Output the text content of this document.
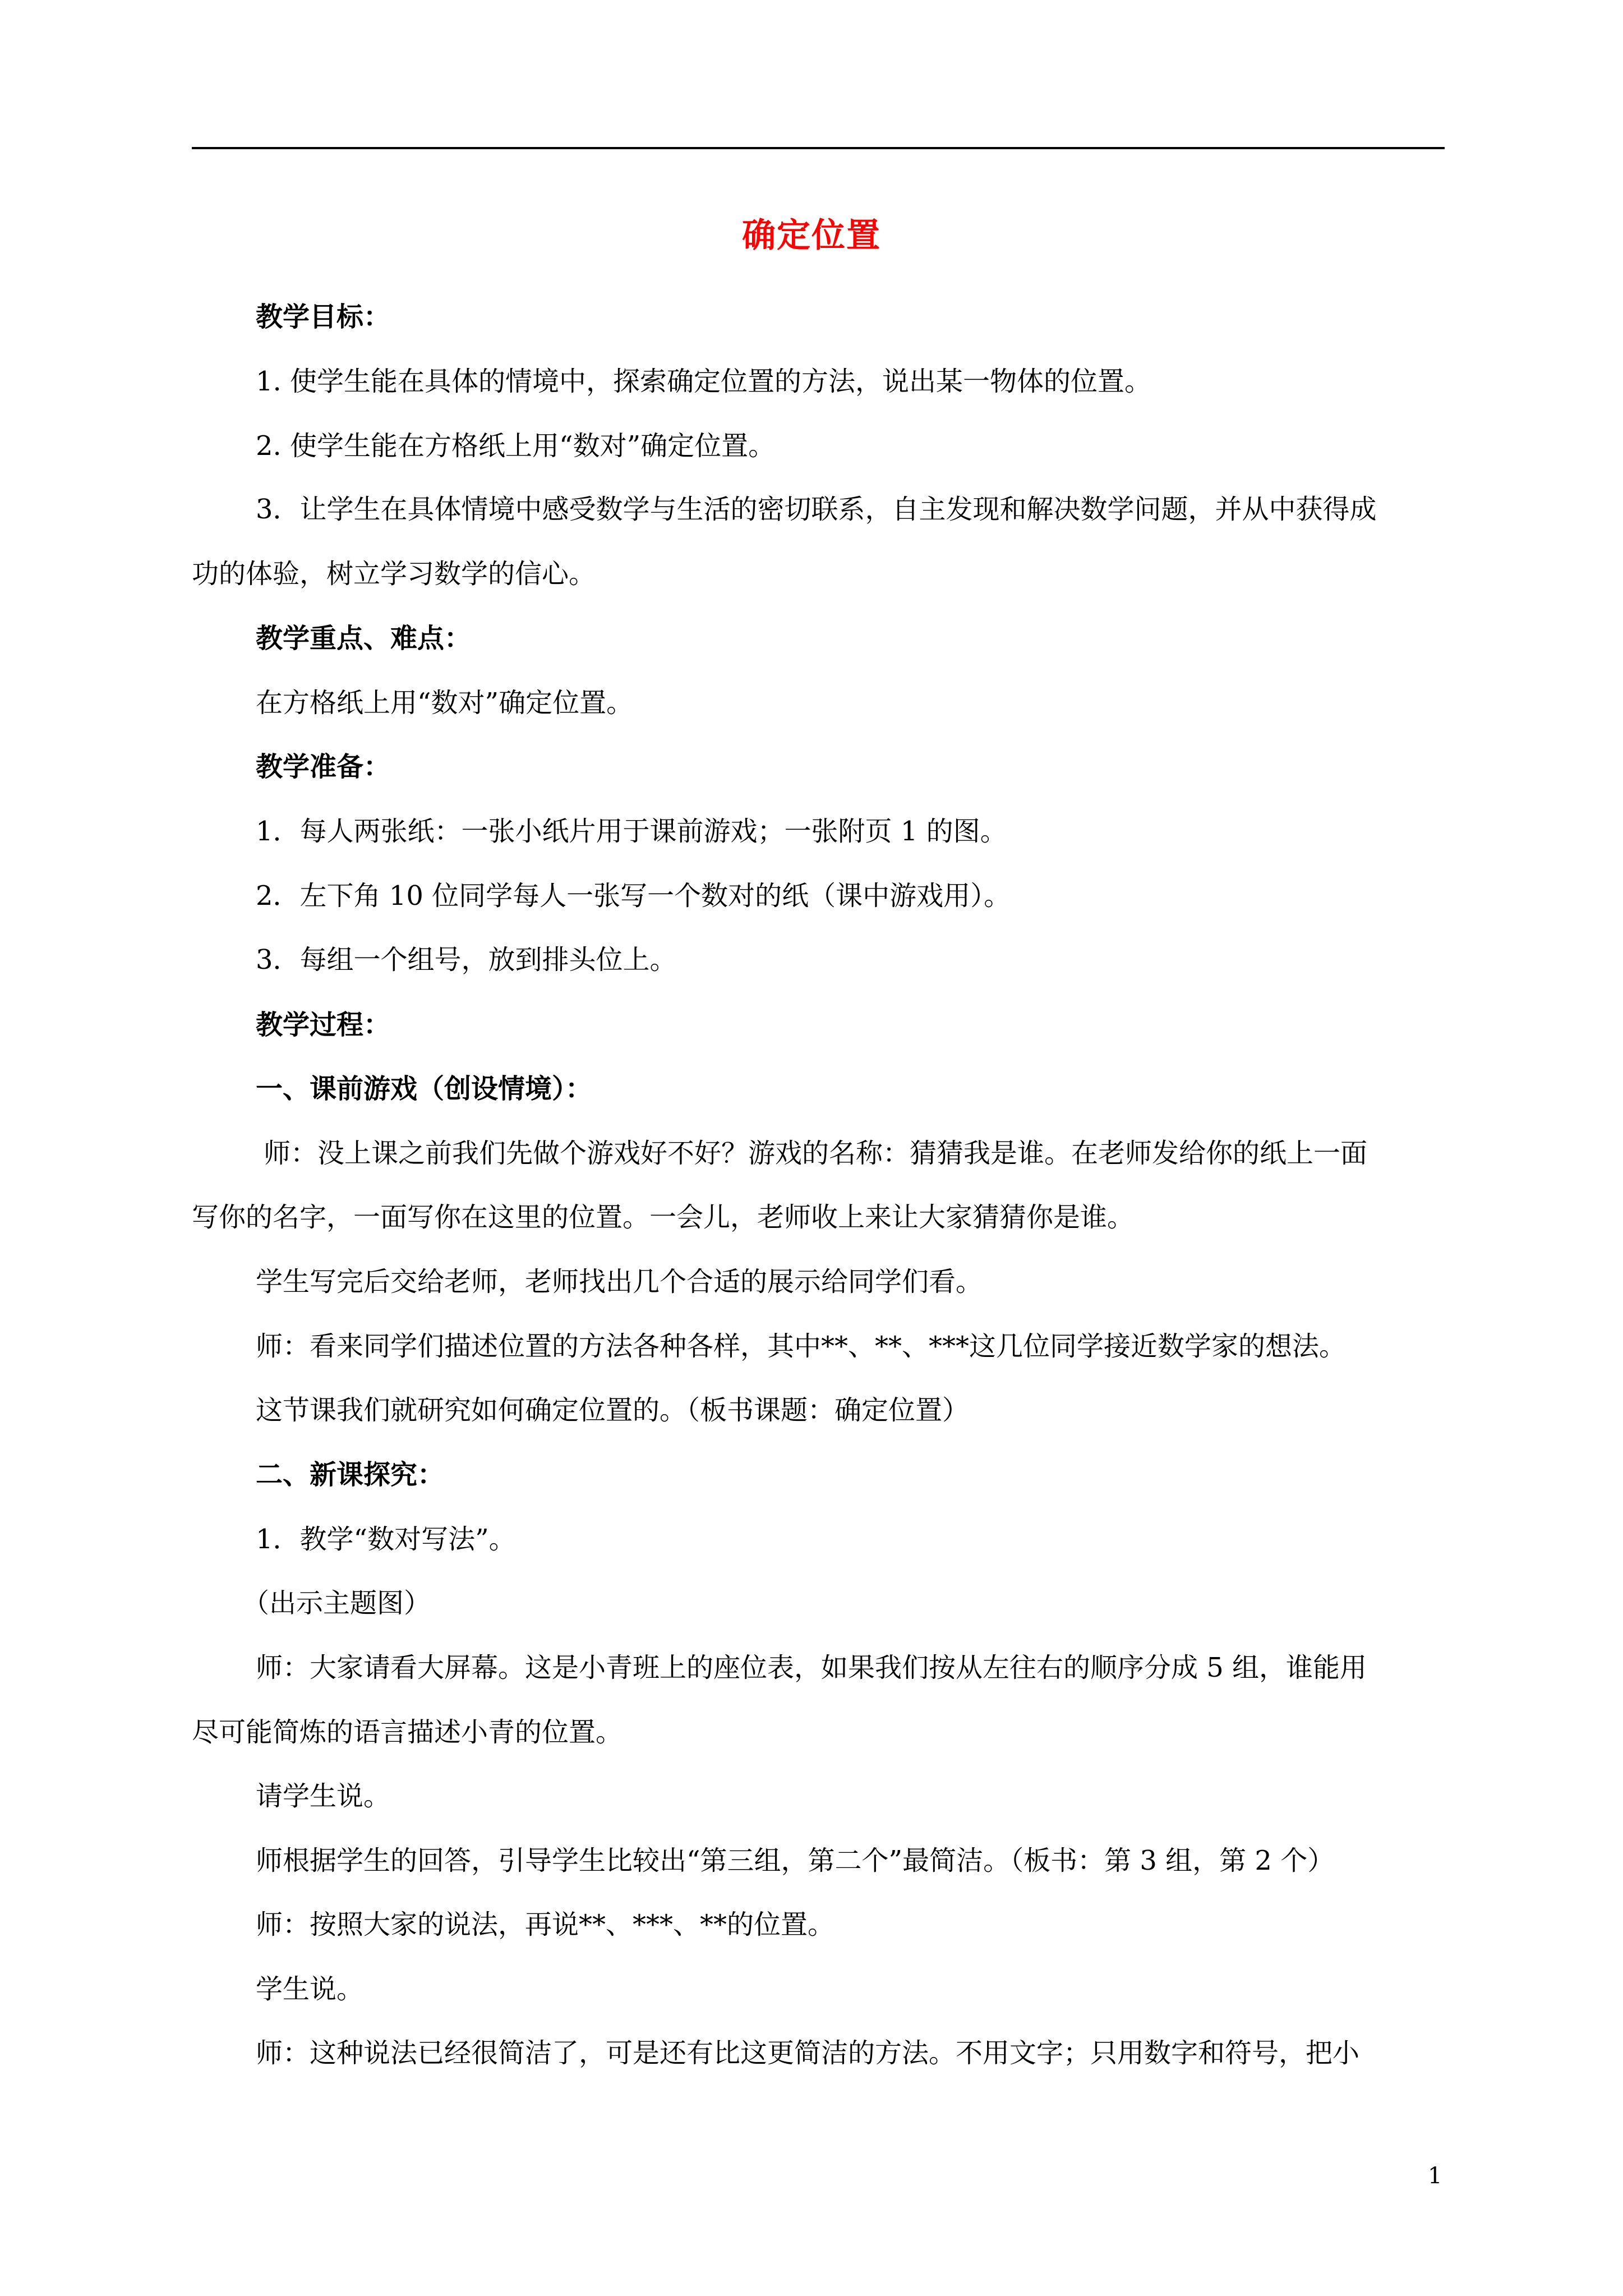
确定位置
教学目标：
1. 使学生能在具体的情境中，探索确定位置的方法，说出某一物体的位置。
2. 使学生能在方格纸上用“数对”确定位置。
3．让学生在具体情境中感受数学与生活的密切联系，自主发现和解决数学问题，并从中获得成
功的体验，树立学习数学的信心。
教学重点、难点：
在方格纸上用“数对”确定位置。
教学准备：
1．每人两张纸：一张小纸片用于课前游戏；一张附页 1 的图。
2．左下角 10 位同学每人一张写一个数对的纸（课中游戏用）。
3．每组一个组号，放到排头位上。
教学过程：
一、课前游戏（创设情境）：
师：没上课之前我们先做个游戏好不好？游戏的名称：猜猜我是谁。在老师发给你的纸上一面
写你的名字，一面写你在这里的位置。一会儿，老师收上来让大家猜猜你是谁。
学生写完后交给老师，老师找出几个合适的展示给同学们看。
师：看来同学们描述位置的方法各种各样，其中**、**、***这几位同学接近数学家的想法。
这节课我们就研究如何确定位置的。（板书课题：确定位置）
二、新课探究：
1．教学“数对写法”。
（出示主题图）
师：大家请看大屏幕。这是小青班上的座位表，如果我们按从左往右的顺序分成 5 组，谁能用
尽可能简炼的语言描述小青的位置。
请学生说。
师根据学生的回答，引导学生比较出“第三组，第二个”最简洁。（板书：第 3 组，第 2 个）
师：按照大家的说法，再说**、***、**的位置。
学生说。
师：这种说法已经很简洁了，可是还有比这更简洁的方法。不用文字；只用数字和符号，把小
1
